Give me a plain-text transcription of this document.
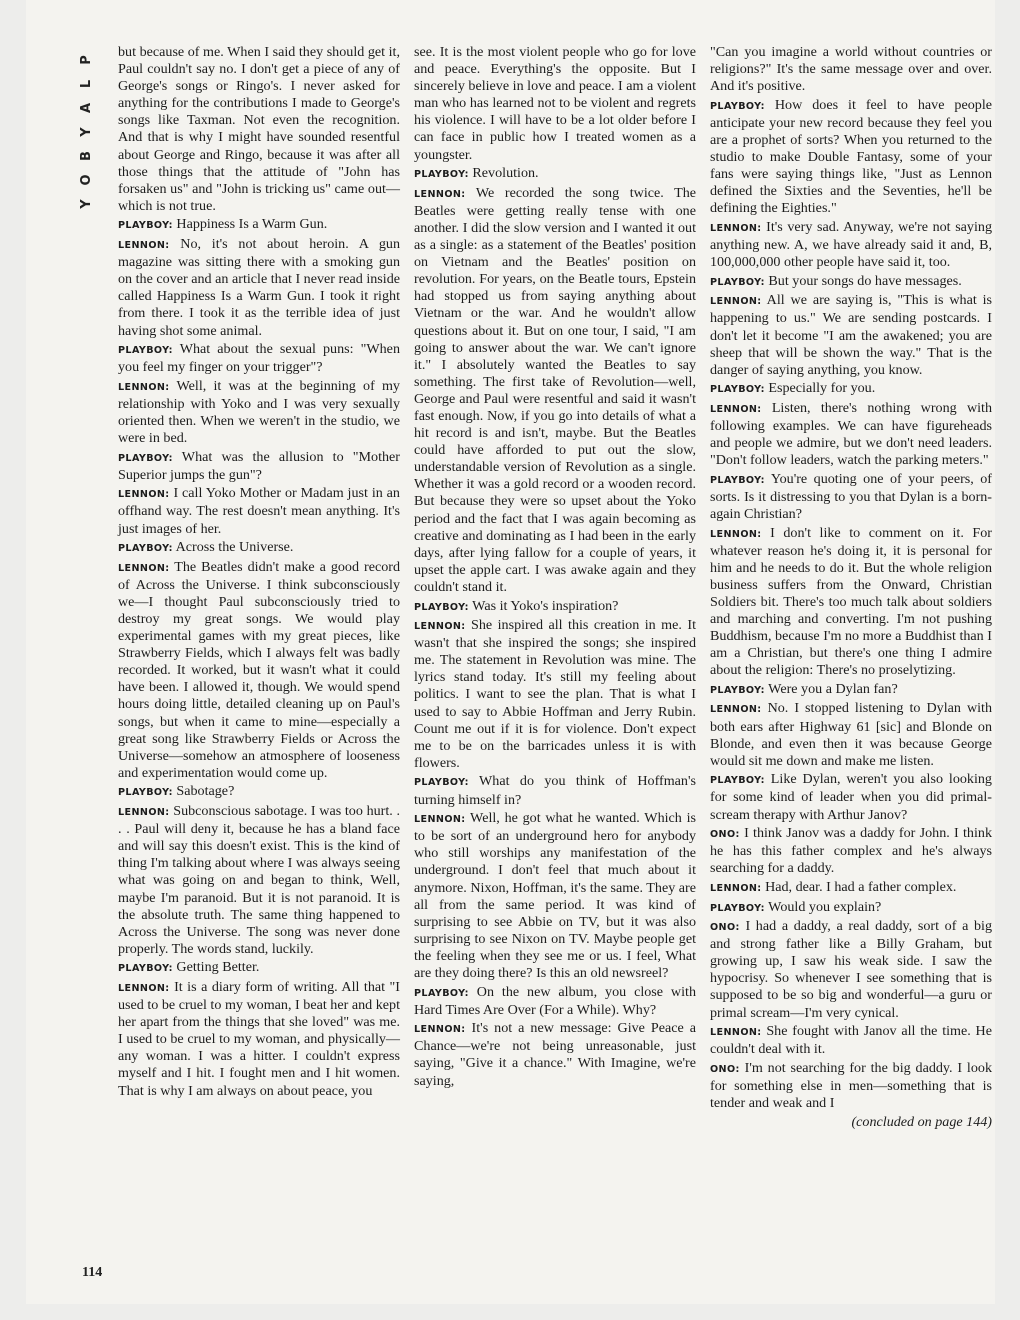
P
L
A
Y
B
O
Y

but because of me. When I said they should get it, Paul couldn't say no. I don't get a piece of any of George's songs or Ringo's. I never asked for anything for the contributions I made to George's songs like Taxman. Not even the recognition. And that is why I might have sounded resentful about George and Ringo, because it was after all those things that the attitude of "John has forsaken us" and "John is tricking us" came out—which is not true.

PLAYBOY: Happiness Is a Warm Gun.

LENNON: No, it's not about heroin. A gun magazine was sitting there with a smoking gun on the cover and an article that I never read inside called Happiness Is a Warm Gun. I took it right from there. I took it as the terrible idea of just having shot some animal.

PLAYBOY: What about the sexual puns: "When you feel my finger on your trigger"?

LENNON: Well, it was at the beginning of my relationship with Yoko and I was very sexually oriented then. When we weren't in the studio, we were in bed.

PLAYBOY: What was the allusion to "Mother Superior jumps the gun"?

LENNON: I call Yoko Mother or Madam just in an offhand way. The rest doesn't mean anything. It's just images of her.

PLAYBOY: Across the Universe.

LENNON: The Beatles didn't make a good record of Across the Universe. I think subconsciously we—I thought Paul subconsciously tried to destroy my great songs. We would play experimental games with my great pieces, like Strawberry Fields, which I always felt was badly recorded. It worked, but it wasn't what it could have been. I allowed it, though. We would spend hours doing little, detailed cleaning up on Paul's songs, but when it came to mine—especially a great song like Strawberry Fields or Across the Universe—somehow an atmosphere of looseness and experimentation would come up.

PLAYBOY: Sabotage?

LENNON: Subconscious sabotage. I was too hurt. . . . Paul will deny it, because he has a bland face and will say this doesn't exist. This is the kind of thing I'm talking about where I was always seeing what was going on and began to think, Well, maybe I'm paranoid. But it is not paranoid. It is the absolute truth. The same thing happened to Across the Universe. The song was never done properly. The words stand, luckily.

PLAYBOY: Getting Better.

LENNON: It is a diary form of writing. All that "I used to be cruel to my woman, I beat her and kept her apart from the things that she loved" was me. I used to be cruel to my woman, and physically—any woman. I was a hitter. I couldn't express myself and I hit. I fought men and I hit women. That is why I am always on about peace, you

see. It is the most violent people who go for love and peace. Everything's the opposite. But I sincerely believe in love and peace. I am a violent man who has learned not to be violent and regrets his violence. I will have to be a lot older before I can face in public how I treated women as a youngster.

PLAYBOY: Revolution.

LENNON: We recorded the song twice. The Beatles were getting really tense with one another. I did the slow version and I wanted it out as a single: as a statement of the Beatles' position on Vietnam and the Beatles' position on revolution. For years, on the Beatle tours, Epstein had stopped us from saying anything about Vietnam or the war. And he wouldn't allow questions about it. But on one tour, I said, "I am going to answer about the war. We can't ignore it." I absolutely wanted the Beatles to say something. The first take of Revolution—well, George and Paul were resentful and said it wasn't fast enough. Now, if you go into details of what a hit record is and isn't, maybe. But the Beatles could have afforded to put out the slow, understandable version of Revolution as a single. Whether it was a gold record or a wooden record. But because they were so upset about the Yoko period and the fact that I was again becoming as creative and dominating as I had been in the early days, after lying fallow for a couple of years, it upset the apple cart. I was awake again and they couldn't stand it.

PLAYBOY: Was it Yoko's inspiration?

LENNON: She inspired all this creation in me. It wasn't that she inspired the songs; she inspired me. The statement in Revolution was mine. The lyrics stand today. It's still my feeling about politics. I want to see the plan. That is what I used to say to Abbie Hoffman and Jerry Rubin. Count me out if it is for violence. Don't expect me to be on the barricades unless it is with flowers.

PLAYBOY: What do you think of Hoffman's turning himself in?

LENNON: Well, he got what he wanted. Which is to be sort of an underground hero for anybody who still worships any manifestation of the underground. I don't feel that much about it anymore. Nixon, Hoffman, it's the same. They are all from the same period. It was kind of surprising to see Abbie on TV, but it was also surprising to see Nixon on TV. Maybe people get the feeling when they see me or us. I feel, What are they doing there? Is this an old newsreel?

PLAYBOY: On the new album, you close with Hard Times Are Over (For a While). Why?

LENNON: It's not a new message: Give Peace a Chance—we're not being unreasonable, just saying, "Give it a chance." With Imagine, we're saying,

"Can you imagine a world without countries or religions?" It's the same message over and over. And it's positive.

PLAYBOY: How does it feel to have people anticipate your new record because they feel you are a prophet of sorts? When you returned to the studio to make Double Fantasy, some of your fans were saying things like, "Just as Lennon defined the Sixties and the Seventies, he'll be defining the Eighties."

LENNON: It's very sad. Anyway, we're not saying anything new. A, we have already said it and, B, 100,000,000 other people have said it, too.

PLAYBOY: But your songs do have messages.

LENNON: All we are saying is, "This is what is happening to us." We are sending postcards. I don't let it become "I am the awakened; you are sheep that will be shown the way." That is the danger of saying anything, you know.

PLAYBOY: Especially for you.

LENNON: Listen, there's nothing wrong with following examples. We can have figureheads and people we admire, but we don't need leaders. "Don't follow leaders, watch the parking meters."

PLAYBOY: You're quoting one of your peers, of sorts. Is it distressing to you that Dylan is a born-again Christian?

LENNON: I don't like to comment on it. For whatever reason he's doing it, it is personal for him and he needs to do it. But the whole religion business suffers from the Onward, Christian Soldiers bit. There's too much talk about soldiers and marching and converting. I'm not pushing Buddhism, because I'm no more a Buddhist than I am a Christian, but there's one thing I admire about the religion: There's no proselytizing.

PLAYBOY: Were you a Dylan fan?

LENNON: No. I stopped listening to Dylan with both ears after Highway 61 [sic] and Blonde on Blonde, and even then it was because George would sit me down and make me listen.

PLAYBOY: Like Dylan, weren't you also looking for some kind of leader when you did primal-scream therapy with Arthur Janov?

ONO: I think Janov was a daddy for John. I think he has this father complex and he's always searching for a daddy.

LENNON: Had, dear. I had a father complex.

PLAYBOY: Would you explain?

ONO: I had a daddy, a real daddy, sort of a big and strong father like a Billy Graham, but growing up, I saw his weak side. I saw the hypocrisy. So whenever I see something that is supposed to be so big and wonderful—a guru or primal scream—I'm very cynical.

LENNON: She fought with Janov all the time. He couldn't deal with it.

ONO: I'm not searching for the big daddy. I look for something else in men—something that is tender and weak and I

(concluded on page 144)

114
